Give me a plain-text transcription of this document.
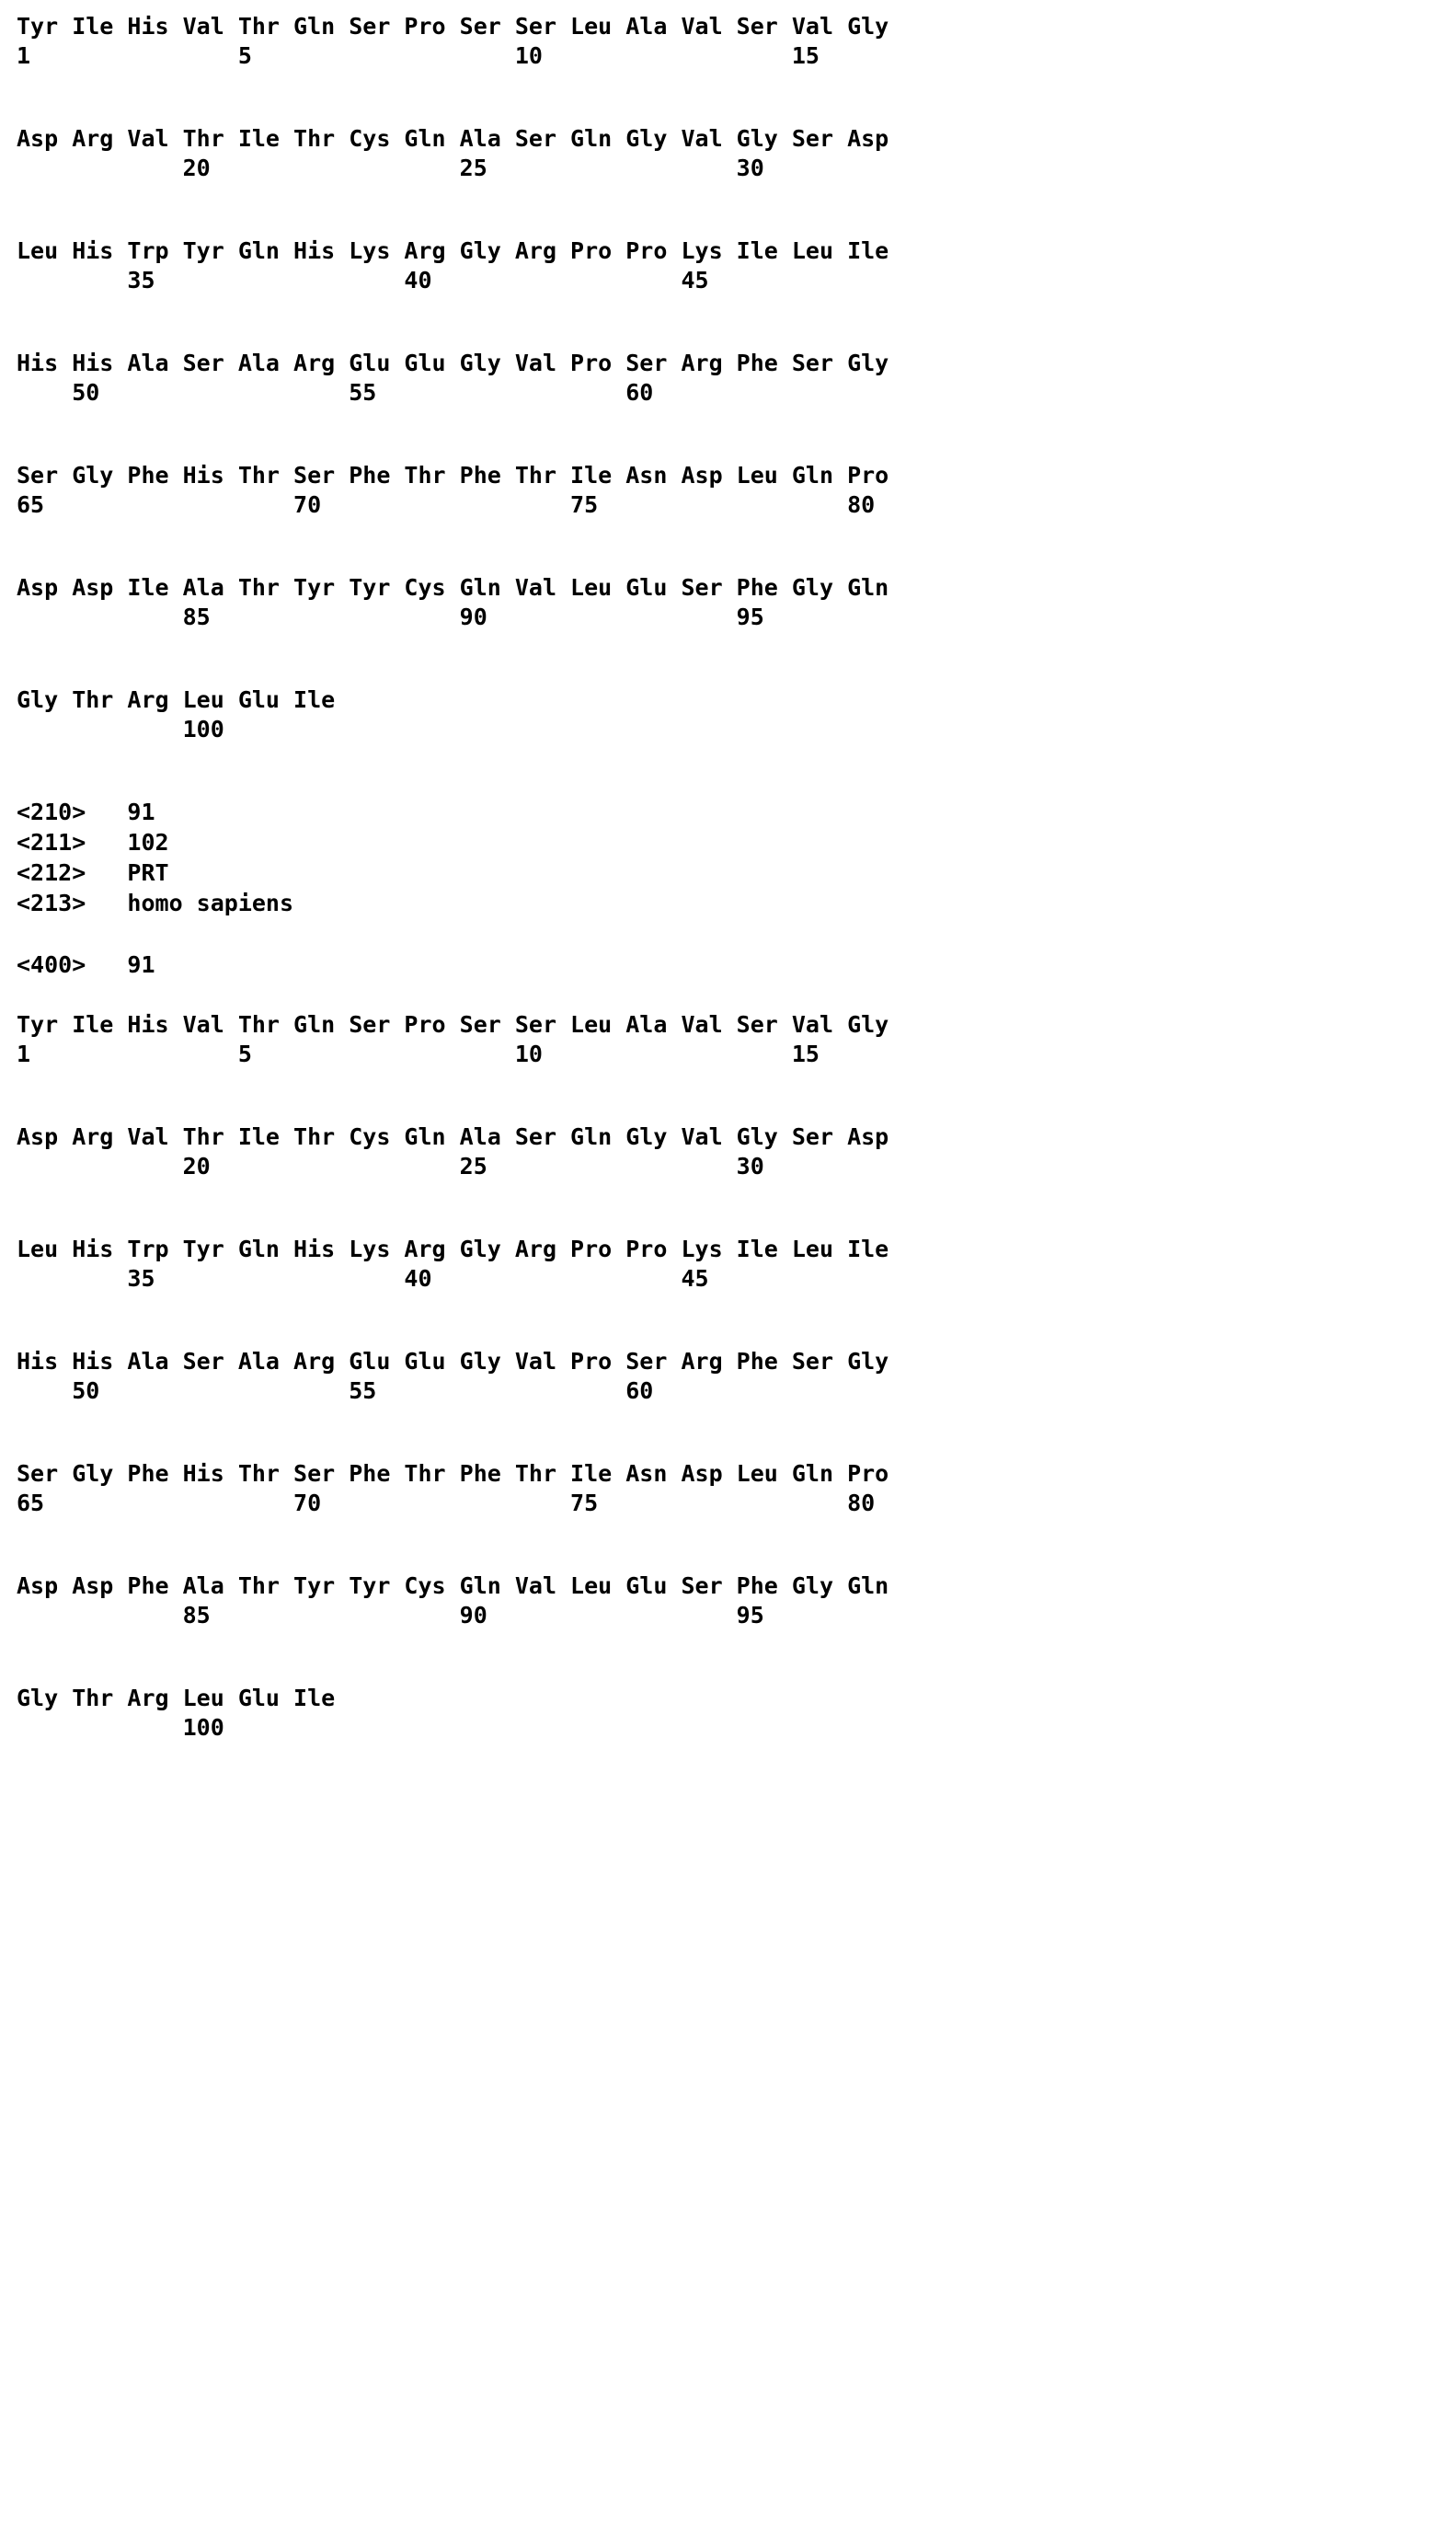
Tyr Ile His Val Thr Gln Ser Pro Ser Ser Leu Ala Val Ser Val Gly
1               5                   10                  15
Asp Arg Val Thr Ile Thr Cys Gln Ala Ser Gln Gly Val Gly Ser Asp
20                  25                  30
Leu His Trp Tyr Gln His Lys Arg Gly Arg Pro Pro Lys Ile Leu Ile
35                  40                  45
His His Ala Ser Ala Arg Glu Glu Gly Val Pro Ser Arg Phe Ser Gly
50                  55                  60
Ser Gly Phe His Thr Ser Phe Thr Phe Thr Ile Asn Asp Leu Gln Pro
65                  70                  75                  80
Asp Asp Ile Ala Thr Tyr Tyr Cys Gln Val Leu Glu Ser Phe Gly Gln
85                  90                  95
Gly Thr Arg Leu Glu Ile
100
<210>   91
<211>   102
<212>   PRT
<213>   homo sapiens
<400>   91
Tyr Ile His Val Thr Gln Ser Pro Ser Ser Leu Ala Val Ser Val Gly
1               5                   10                  15
Asp Arg Val Thr Ile Thr Cys Gln Ala Ser Gln Gly Val Gly Ser Asp
20                  25                  30
Leu His Trp Tyr Gln His Lys Arg Gly Arg Pro Pro Lys Ile Leu Ile
35                  40                  45
His His Ala Ser Ala Arg Glu Glu Gly Val Pro Ser Arg Phe Ser Gly
50                  55                  60
Ser Gly Phe His Thr Ser Phe Thr Phe Thr Ile Asn Asp Leu Gln Pro
65                  70                  75                  80
Asp Asp Phe Ala Thr Tyr Tyr Cys Gln Val Leu Glu Ser Phe Gly Gln
85                  90                  95
Gly Thr Arg Leu Glu Ile
100
